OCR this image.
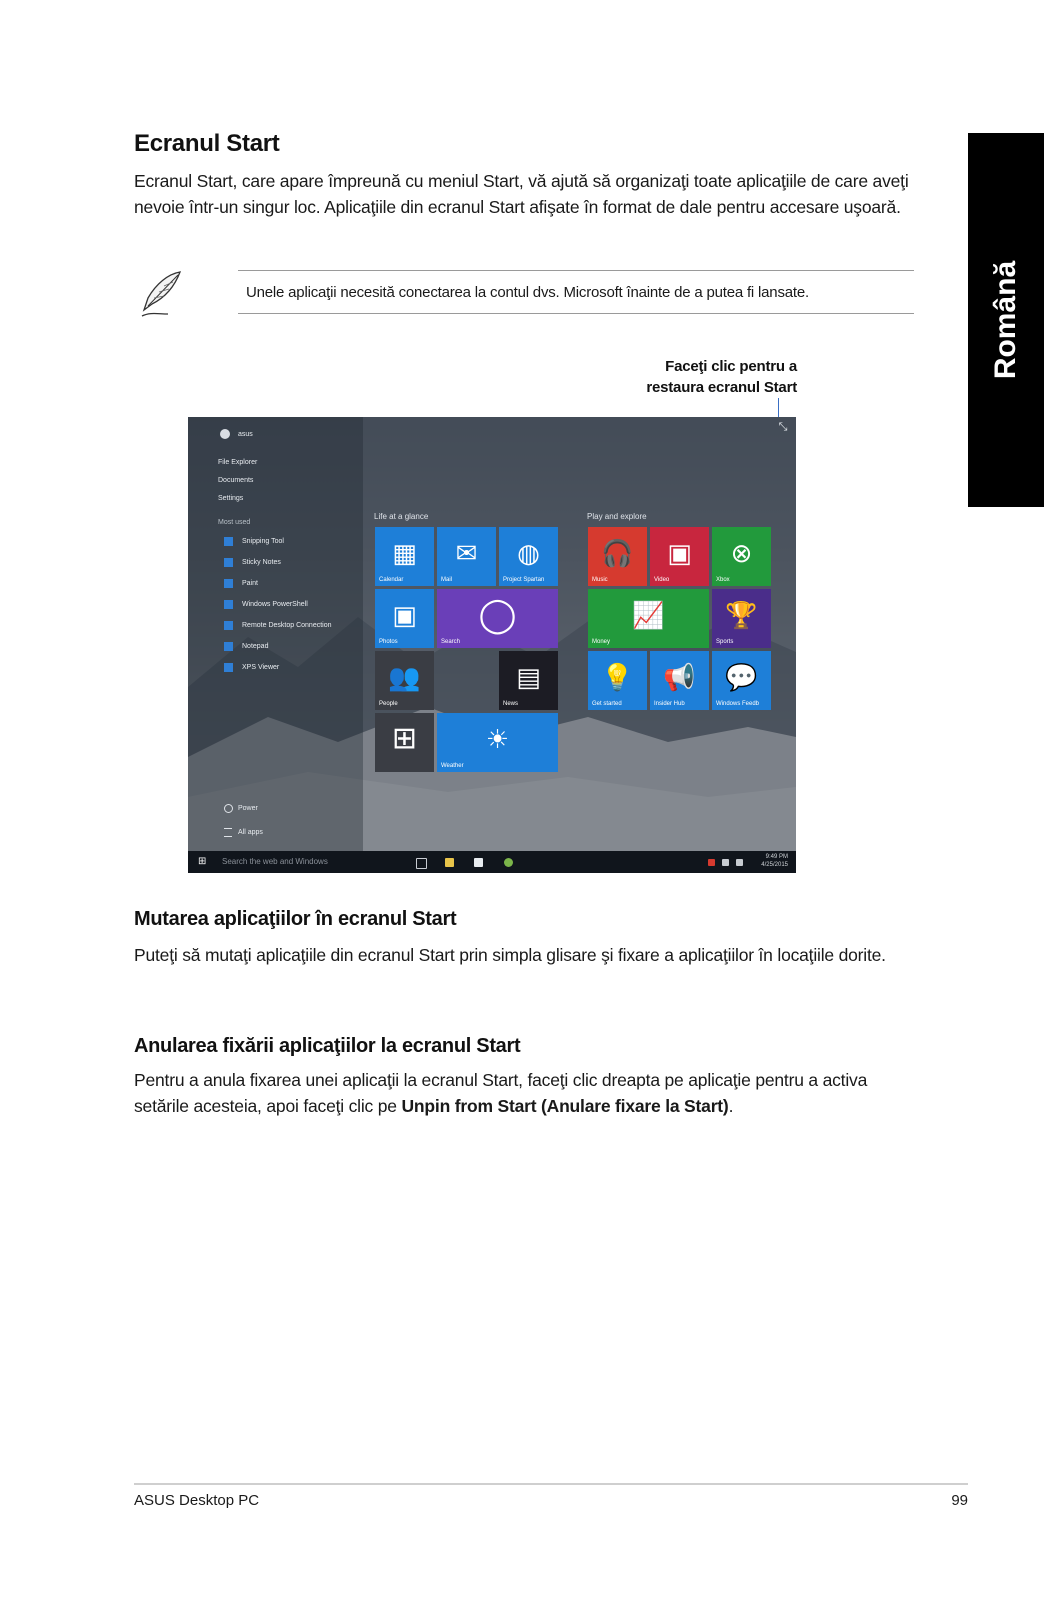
Română
Ecranul Start

Ecranul Start, care apare împreună cu meniul Start, vă ajută să organizaţi toate aplicaţiile de care aveţi nevoie într-un singur loc. Aplicaţiile din ecranul Start afişate în format de dale pentru accesare uşoară.

Unele aplicaţii necesită conectarea la contul dvs. Microsoft înainte de a putea fi lansate.
Faceţi clic pentru a
restaura ecranul Start
asus
File Explorer
Documents
Settings
Most used
Snipping Tool
Sticky Notes
Paint
Windows PowerShell
Remote Desktop Connection
Notepad
XPS Viewer
Power
All apps
Life at a glance	Play and explore
▦
Calendar
✉
Mail
◍
Project Spartan
▣
Photos
◯
Search
👥
People
▤
News
⊞	☀
Weather
🎧
Music
▣
Video
⊗
Xbox
📈
Money
🏆
Sports
💡
Get started
📢
Insider Hub
💬
Windows Feedb
⤡
⊞ Search the web and Windows	9:49 PM
4/25/2015
Mutarea aplicaţiilor în ecranul Start

Puteţi să mutaţi aplicaţiile din ecranul Start prin simpla glisare şi fixare a aplicaţiilor în locaţiile dorite.

Anularea fixării aplicaţiilor la ecranul Start

Pentru a anula fixarea unei aplicaţii la ecranul Start, faceţi clic dreapta pe aplicaţie pentru a activa setările acesteia, apoi faceţi clic pe Unpin from Start (Anulare fixare la Start).

ASUS Desktop PC	99
